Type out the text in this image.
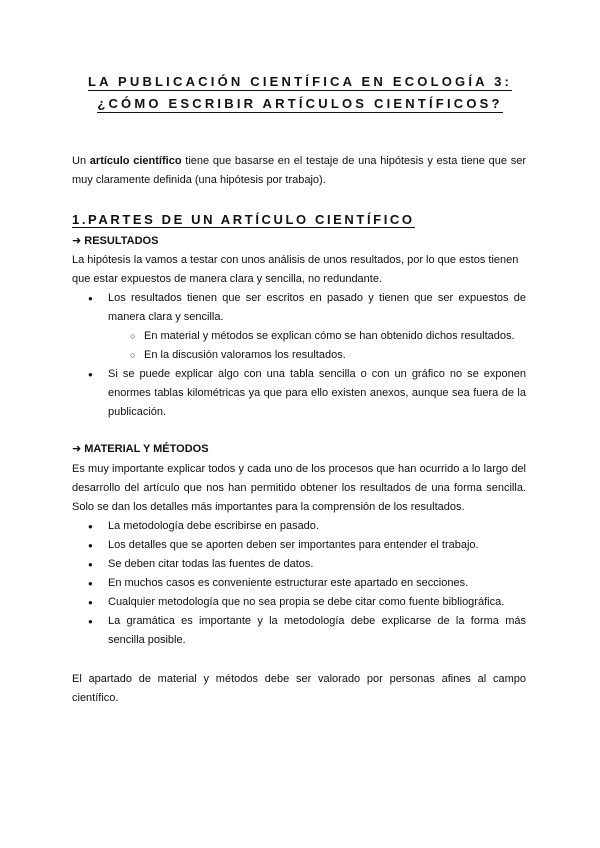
LA PUBLICACIÓN CIENTÍFICA EN ECOLOGÍA 3:
¿CÓMO ESCRIBIR ARTÍCULOS CIENTÍFICOS?
Un artículo científico tiene que basarse en el testaje de una hipótesis y esta tiene que ser muy claramente definida (una hipótesis por trabajo).
1.PARTES DE UN ARTÍCULO CIENTÍFICO
➜ RESULTADOS
La hipótesis la vamos a testar con unos análisis de unos resultados, por lo que estos tienen que estar expuestos de manera clara y sencilla, no redundante.
● Los resultados tienen que ser escritos en pasado y tienen que ser expuestos de manera clara y sencilla.
○ En material y métodos se explican cómo se han obtenido dichos resultados.
○ En la discusión valoramos los resultados.
● Si se puede explicar algo con una tabla sencilla o con un gráfico no se exponen enormes tablas kilométricas ya que para ello existen anexos, aunque sea fuera de la publicación.
➜ MATERIAL Y MÉTODOS
Es muy importante explicar todos y cada uno de los procesos que han ocurrido a lo largo del desarrollo del artículo que nos han permitido obtener los resultados de una forma sencilla. Solo se dan los detalles más importantes para la comprensión de los resultados.
● La metodología debe escribirse en pasado.
● Los detalles que se aporten deben ser importantes para entender el trabajo.
● Se deben citar todas las fuentes de datos.
● En muchos casos es conveniente estructurar este apartado en secciones.
● Cualquier metodología que no sea propia se debe citar como fuente bibliográfica.
● La gramática es importante y la metodología debe explicarse de la forma más sencilla posible.
El apartado de material y métodos debe ser valorado por personas afines al campo científico.
